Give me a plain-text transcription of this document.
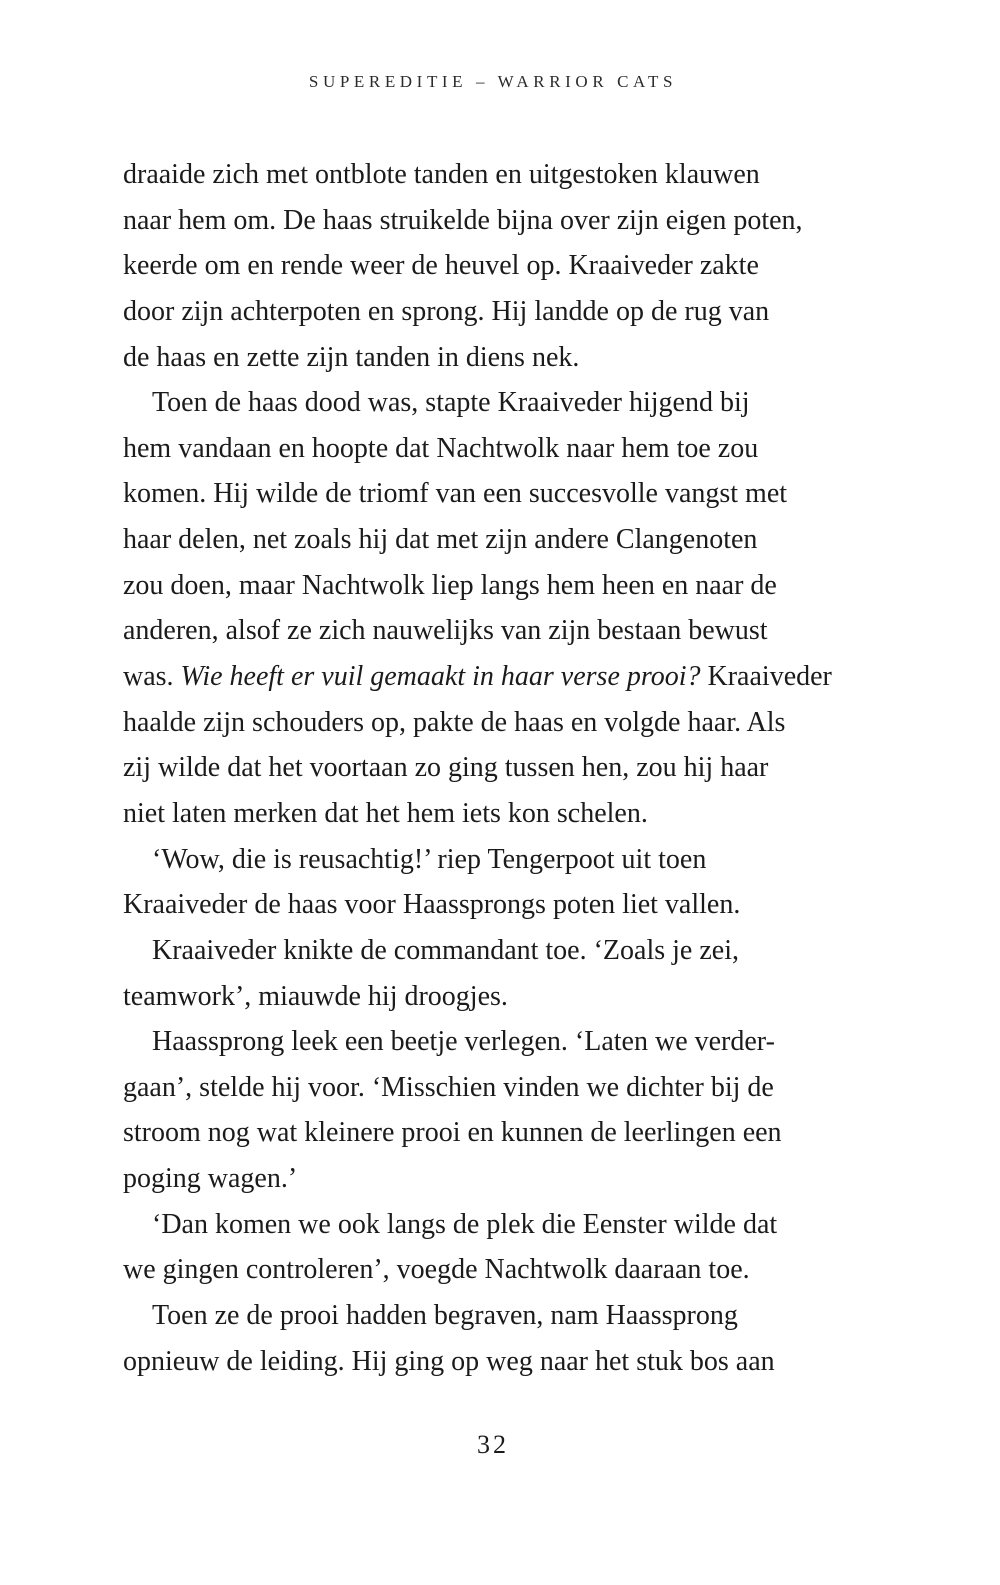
SUPEREDITIE – WARRIOR CATS
draaide zich met ontblote tanden en uitgestoken klauwen
naar hem om. De haas struikelde bijna over zijn eigen poten,
keerde om en rende weer de heuvel op. Kraaiveder zakte
door zijn achterpoten en sprong. Hij landde op de rug van
de haas en zette zijn tanden in diens nek.
Toen de haas dood was, stapte Kraaiveder hijgend bij
hem vandaan en hoopte dat Nachtwolk naar hem toe zou
komen. Hij wilde de triomf van een succesvolle vangst met
haar delen, net zoals hij dat met zijn andere Clangenoten
zou doen, maar Nachtwolk liep langs hem heen en naar de
anderen, alsof ze zich nauwelijks van zijn bestaan bewust
was. Wie heeft er vuil gemaakt in haar verse prooi? Kraaiveder
haalde zijn schouders op, pakte de haas en volgde haar. Als
zij wilde dat het voortaan zo ging tussen hen, zou hij haar
niet laten merken dat het hem iets kon schelen.
‘Wow, die is reusachtig!’ riep Tengerpoot uit toen
Kraaiveder de haas voor Haassprongs poten liet vallen.
Kraaiveder knikte de commandant toe. ‘Zoals je zei,
teamwork’, miauwde hij droogjes.
Haassprong leek een beetje verlegen. ‘Laten we verder-
gaan’, stelde hij voor. ‘Misschien vinden we dichter bij de
stroom nog wat kleinere prooi en kunnen de leerlingen een
poging wagen.’
‘Dan komen we ook langs de plek die Eenster wilde dat
we gingen controleren’, voegde Nachtwolk daaraan toe.
Toen ze de prooi hadden begraven, nam Haassprong
opnieuw de leiding. Hij ging op weg naar het stuk bos aan
32
